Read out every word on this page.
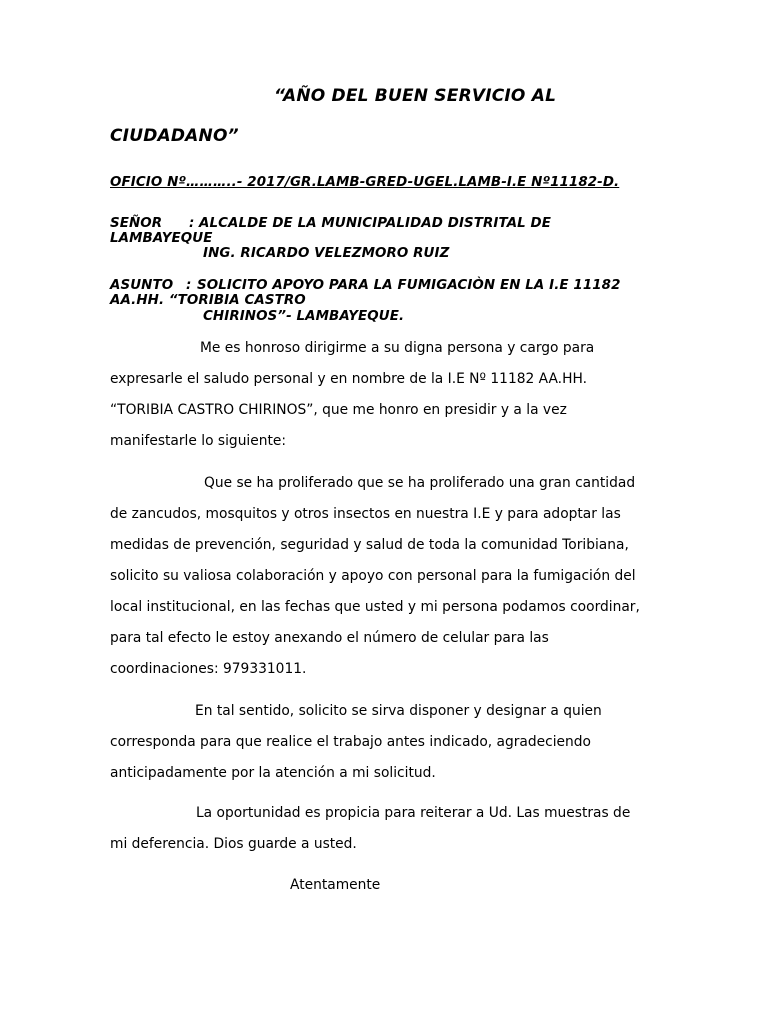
“AÑO DEL BUEN SERVICIO AL

CIUDADANO”

OFICIO Nº………..- 2017/GR.LAMB-GRED-UGEL.LAMB-I.E Nº11182-D.

SEÑOR : ALCALDE DE LA MUNICIPALIDAD DISTRITAL DE

LAMBAYEQUE

ING. RICARDO VELEZMORO RUIZ

ASUNTO : SOLICITO APOYO PARA LA FUMIGACIÒN EN LA I.E 11182

AA.HH. “TORIBIA CASTRO

CHIRINOS”- LAMBAYEQUE.

Me es honroso dirigirme a su digna persona y cargo para

expresarle el saludo personal y en nombre de la I.E Nº 11182 AA.HH.

“TORIBIA CASTRO CHIRINOS”, que me honro en presidir y a la vez

manifestarle lo siguiente:

Que se ha proliferado que se ha proliferado una gran cantidad

de zancudos, mosquitos y otros insectos en nuestra I.E y para adoptar las

medidas de prevención, seguridad y salud de toda la comunidad Toribiana,

solicito su valiosa colaboración y apoyo con personal para la fumigación del

local institucional, en las fechas que usted y mi persona podamos coordinar,

para tal efecto le estoy anexando el número de celular para las

coordinaciones: 979331011.

En tal sentido, solicito se sirva disponer y designar a quien

corresponda para que realice el trabajo antes indicado, agradeciendo

anticipadamente por la atención a mi solicitud.

La oportunidad es propicia para reiterar a Ud. Las muestras de

mi deferencia. Dios guarde a usted.

Atentamente
